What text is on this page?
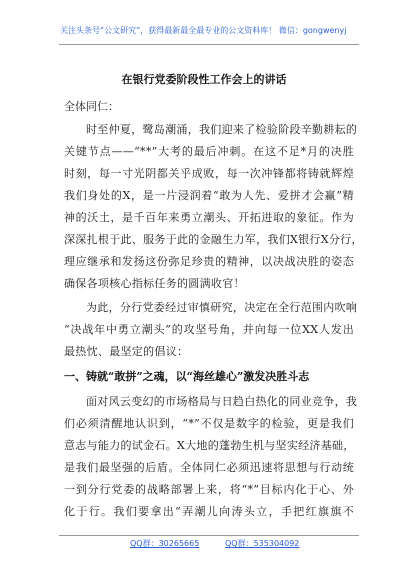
关注头条号“公文研究”，获得最新最全最专业的公文资料库！ 微信：gongwenyj
在银行党委阶段性工作会上的讲话
全体同仁：
时至仲夏，鹭岛潮涌，我们迎来了检验阶段辛勤耕耘的
关键节点——“**”大考的最后冲刺。在这不足*月的决胜
时刻，每一寸光阴都关乎成败，每一次冲锋都将铸就辉煌
我们身处的X，是一片浸润着“敢为人先、爱拼才会赢”精
神的沃土，是千百年来勇立潮头、开拓进取的象征。作为
深深扎根于此、服务于此的金融生力军，我们X银行X分行，
理应继承和发扬这份弥足珍贵的精神，以决战决胜的姿态
确保各项核心指标任务的圆满收官！
为此，分行党委经过审慎研究，决定在全行范围内吹响
“决战年中勇立潮头”的攻坚号角，并向每一位XX人发出
最热忱、最坚定的倡议：
一、铸就“敢拼”之魂，以“海丝雄心”激发决胜斗志
面对风云变幻的市场格局与日趋白热化的同业竞争，我
们必须清醒地认识到，“*”不仅是数字的检验，更是我们
意志与能力的试金石。X大地的蓬勃生机与坚实经济基础，
是我们最坚强的后盾。全体同仁必须迅速将思想与行动统
一到分行党委的战略部署上来，将“*”目标内化于心、外
化于行。我们要拿出“弄潮儿向涛头立，手把红旗旗不
QQ群：30265665	QQ群：535304092
